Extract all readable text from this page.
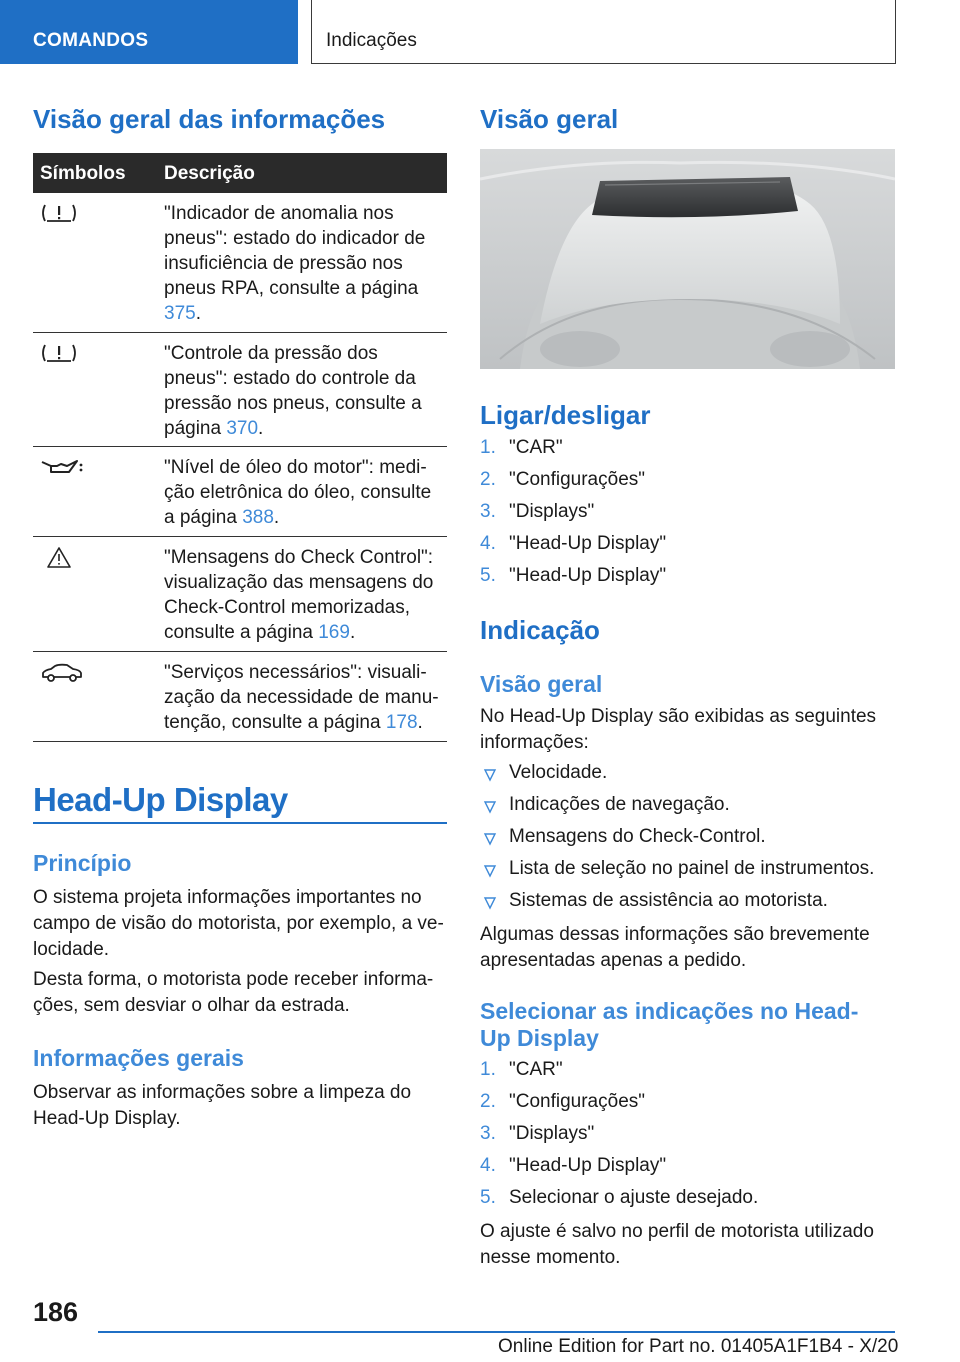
COMANDOS	Indicações
Visão geral das informações
Símbolos Descrição
"Indicador de anomalia nos
pneus": estado do indicador de
insuficiência de pressão nos
pneus RPA, consulte a página
375.
"Controle da pressão dos
pneus": estado do controle da
pressão nos pneus, consulte a
página 370.
"Nível de óleo do motor": medi-
ção eletrônica do óleo, consulte
a página 388.
"Mensagens do Check Control":
visualização das mensagens do
Check-Control memorizadas,
consulte a página 169.
"Serviços necessários": visuali-
zação da necessidade de manu-
tenção, consulte a página 178.
Head-Up Display
Princípio
O sistema projeta informações importantes no
campo de visão do motorista, por exemplo, a ve-
locidade.
Desta forma, o motorista pode receber informa-
ções, sem desviar o olhar da estrada.
Informações gerais
Observar as informações sobre a limpeza do
Head-Up Display.
Visão geral
Ligar/desligar
1. "CAR"
2. "Configurações"
3. "Displays"
4. "Head-Up Display"
5. "Head-Up Display"
Indicação
Visão geral
No Head-Up Display são exibidas as seguintes
informações:
Velocidade.
Indicações de navegação.
Mensagens do Check-Control.
Lista de seleção no painel de instrumentos.
Sistemas de assistência ao motorista.
Algumas dessas informações são brevemente
apresentadas apenas a pedido.
Selecionar as indicações no Head-
Up Display
1. "CAR"
2. "Configurações"
3. "Displays"
4. "Head-Up Display"
5. Selecionar o ajuste desejado.
O ajuste é salvo no perfil de motorista utilizado
nesse momento.
186
Online Edition for Part no. 01405A1F1B4 - X/20
